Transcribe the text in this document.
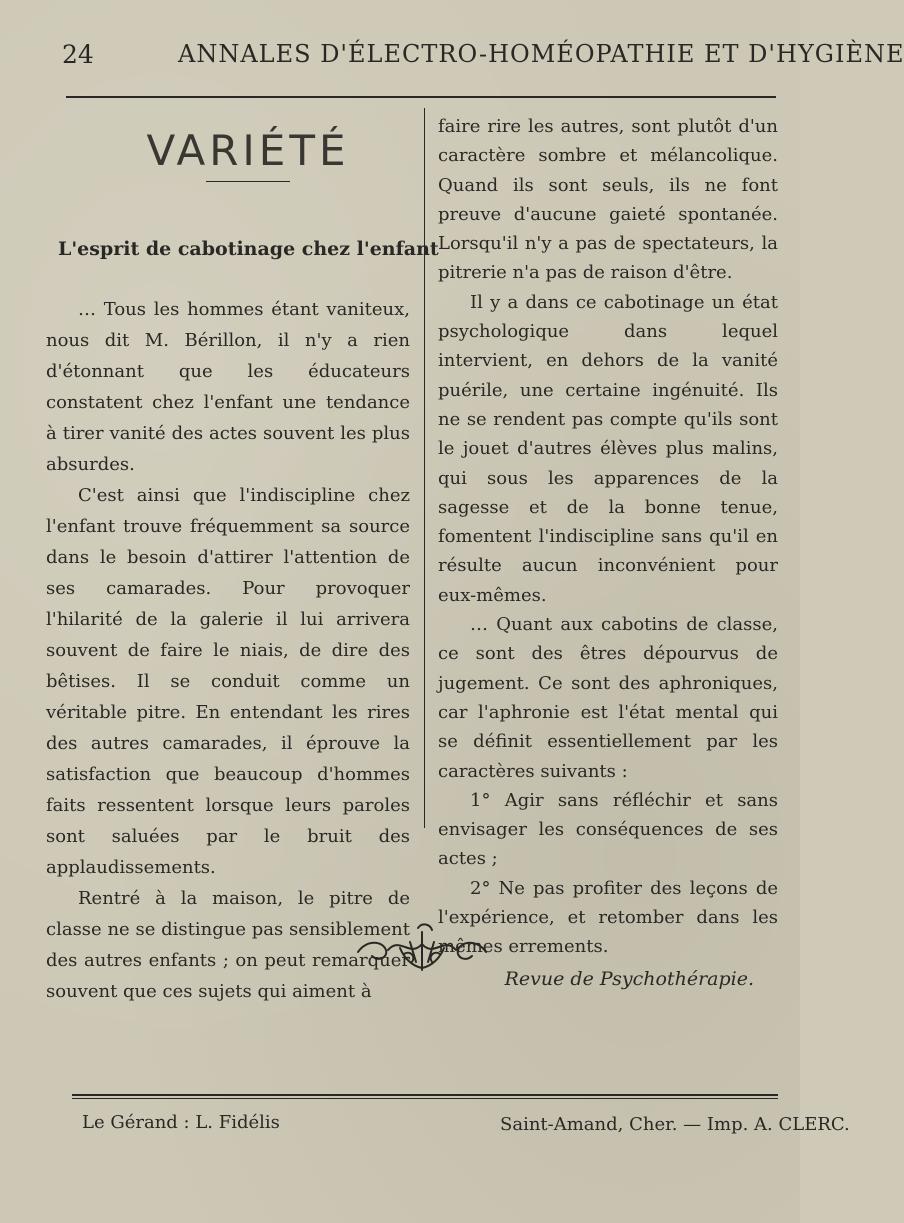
24	ANNALES D'ÉLECTRO-HOMÉOPATHIE ET D'HYGIÈNE
VARIÉTÉ
L'esprit de cabotinage chez l'enfant

… Tous les hommes étant vaniteux, nous dit M. Bérillon, il n'y a rien d'étonnant que les éducateurs constatent chez l'enfant une tendance à tirer vanité des actes souvent les plus absurdes.

C'est ainsi que l'indiscipline chez l'enfant trouve fréquemment sa source dans le besoin d'attirer l'attention de ses camarades. Pour provoquer l'hilarité de la galerie il lui arrivera souvent de faire le niais, de dire des bêtises. Il se conduit comme un véritable pitre. En entendant les rires des autres camarades, il éprouve la satisfaction que beaucoup d'hommes faits ressentent lorsque leurs paroles sont saluées par le bruit des applaudissements.

Rentré à la maison, le pitre de classe ne se distingue pas sensiblement des autres enfants ; on peut remarquer souvent que ces sujets qui aiment à

faire rire les autres, sont plutôt d'un caractère sombre et mélancolique. Quand ils sont seuls, ils ne font preuve d'aucune gaieté spontanée. Lorsqu'il n'y a pas de spectateurs, la pitrerie n'a pas de raison d'être.

Il y a dans ce cabotinage un état psychologique dans lequel intervient, en dehors de la vanité puérile, une certaine ingénuité. Ils ne se rendent pas compte qu'ils sont le jouet d'autres élèves plus malins, qui sous les apparences de la sagesse et de la bonne tenue, fomentent l'indiscipline sans qu'il en résulte aucun inconvénient pour eux-mêmes.

… Quant aux cabotins de classe, ce sont des êtres dépourvus de jugement. Ce sont des aphroniques, car l'aphronie est l'état mental qui se définit essentiellement par les caractères suivants :

1° Agir sans réfléchir et sans envisager les conséquences de ses actes ;

2° Ne pas profiter des leçons de l'expérience, et retomber dans les mêmes errements.

Revue de Psychothérapie.
Le Gérand : L. Fidélis	Saint-Amand, Cher. — Imp. A. CLERC.
